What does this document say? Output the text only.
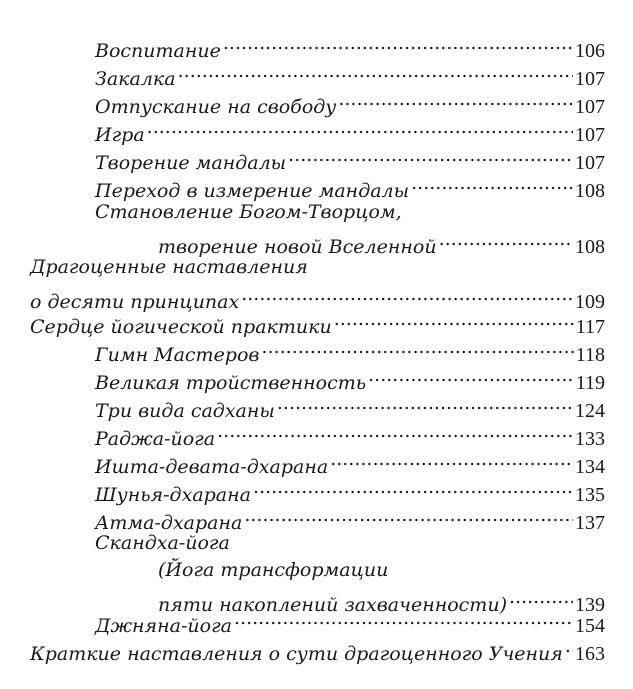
Воспитание .....	106
Закалка .....	107
Отпускание на свободу .....	107
Игра .....	107
Творение мандалы .....	107
Переход в измерение мандалы .....	108
Становление Богом-Творцом,
творение новой Вселенной .....	108
Драгоценные наставления
о десяти принципах .....	109
Сердце йогической практики .....	117
Гимн Мастеров .....	118
Великая тройственность .....	119
Три вида садханы .....	124
Раджа-йога .....	133
Ишта-девата-дхарана .....	134
Шунья-дхарана .....	135
Атма-дхарана .....	137
Скандха-йога
(Йога трансформации
пяти накоплений захваченности) .....	139
Джняна-йога .....	154
Краткие наставления о сути драгоценного Учения ..... 163
